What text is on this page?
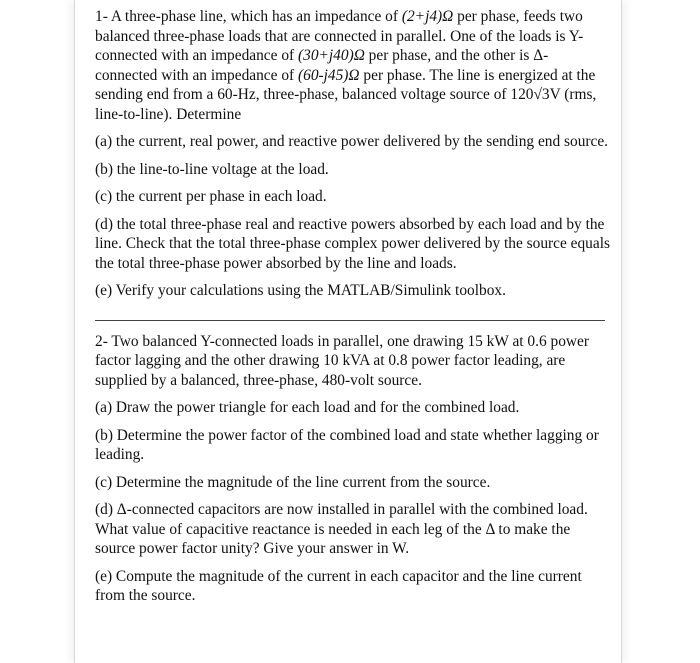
1- A three-phase line, which has an impedance of (2+j4)Ω per phase, feeds two balanced three-phase loads that are connected in parallel. One of the loads is Y-connected with an impedance of (30+j40)Ω per phase, and the other is Δ-connected with an impedance of (60-j45)Ω per phase. The line is energized at the sending end from a 60-Hz, three-phase, balanced voltage source of 120√3V (rms, line-to-line). Determine

(a) the current, real power, and reactive power delivered by the sending end source.

(b) the line-to-line voltage at the load.

(c) the current per phase in each load.

(d) the total three-phase real and reactive powers absorbed by each load and by the line. Check that the total three-phase complex power delivered by the source equals the total three-phase power absorbed by the line and loads.

(e) Verify your calculations using the MATLAB/Simulink toolbox.

2- Two balanced Y-connected loads in parallel, one drawing 15 kW at 0.6 power factor lagging and the other drawing 10 kVA at 0.8 power factor leading, are supplied by a balanced, three-phase, 480-volt source.

(a) Draw the power triangle for each load and for the combined load.

(b) Determine the power factor of the combined load and state whether lagging or leading.

(c) Determine the magnitude of the line current from the source.

(d) Δ-connected capacitors are now installed in parallel with the combined load. What value of capacitive reactance is needed in each leg of the Δ to make the source power factor unity? Give your answer in W.

(e) Compute the magnitude of the current in each capacitor and the line current from the source.
